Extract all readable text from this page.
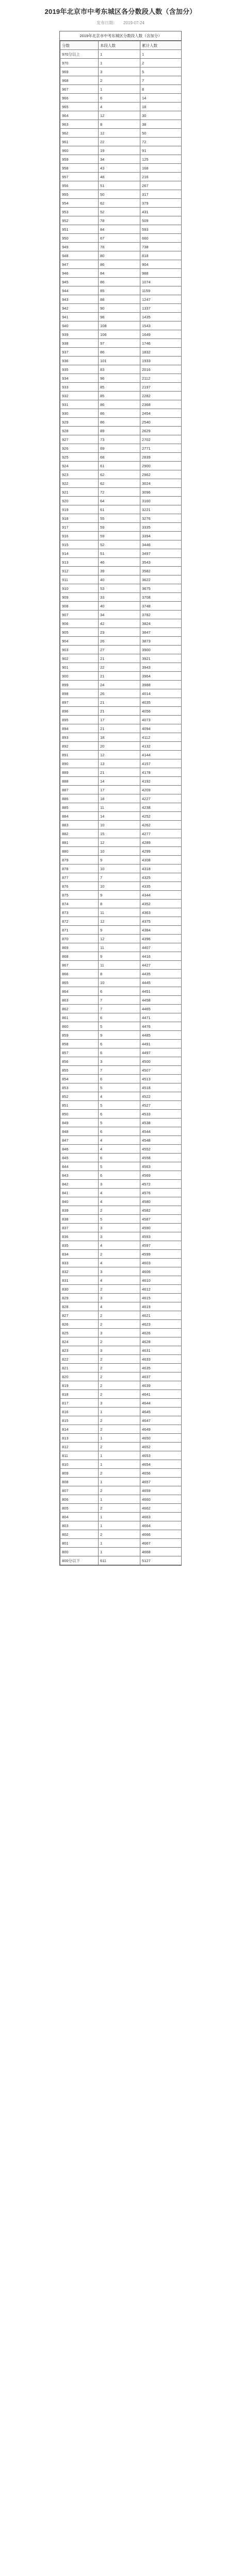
2019年北京市中考东城区各分数段人数（含加分）
发布日期： 2019-07-24
2019年北京市中考东城区分数段人数（含加分）
分数	本段人数	累计人数
970分以上	1	1
970	1	2
969	3	5
968	2	7
967	1	8
966	6	14
965	4	18
964	12	30
963	8	38
962	12	50
961	22	72
960	19	91
959	34	125
958	43	168
957	48	216
956	51	267
955	50	317
954	62	379
953	52	431
952	78	509
951	84	593
950	67	660
949	78	738
948	80	818
947	86	904
946	84	988
945	86	1074
944	85	1159
943	88	1247
942	90	1337
941	98	1435
940	108	1543
939	106	1649
938	97	1746
937	86	1832
936	101	1933
935	83	2016
934	96	2112
933	85	2197
932	85	2282
931	86	2368
930	86	2454
929	86	2540
928	89	2629
927	73	2702
926	69	2771
925	68	2839
924	61	2900
923	62	2962
922	62	3024
921	72	3096
920	64	3160
919	61	3221
918	55	3276
917	59	3335
916	59	3394
915	52	3446
914	51	3497
913	46	3543
912	39	3582
911	40	3622
910	53	3675
909	33	3708
908	40	3748
907	34	3782
906	42	3824
905	23	3847
904	26	3873
903	27	3900
902	21	3921
901	22	3943
900	21	3964
899	24	3988
898	26	4014
897	21	4035
896	21	4056
895	17	4073
894	21	4094
893	18	4112
892	20	4132
891	12	4144
890	13	4157
889	21	4178
888	14	4192
887	17	4209
886	18	4227
885	11	4238
884	14	4252
883	10	4262
882	15	4277
881	12	4289
880	10	4299
879	9	4308
878	10	4318
877	7	4325
876	10	4335
875	9	4344
874	8	4352
873	11	4363
872	12	4375
871	9	4384
870	12	4396
869	11	4407
868	9	4416
867	11	4427
866	8	4435
865	10	4445
864	6	4451
863	7	4458
862	7	4465
861	6	4471
860	5	4476
859	9	4485
858	6	4491
857	6	4497
856	3	4500
855	7	4507
854	6	4513
853	5	4518
852	4	4522
851	5	4527
850	6	4533
849	5	4538
848	6	4544
847	4	4548
846	4	4552
845	6	4558
844	5	4563
843	6	4569
842	3	4572
841	4	4576
840	4	4580
839	2	4582
838	5	4587
837	3	4590
836	3	4593
835	4	4597
834	2	4599
833	4	4603
832	3	4606
831	4	4610
830	2	4612
829	3	4615
828	4	4619
827	2	4621
826	2	4623
825	3	4626
824	2	4628
823	3	4631
822	2	4633
821	2	4635
820	2	4637
819	2	4639
818	2	4641
817	3	4644
816	1	4645
815	2	4647
814	2	4649
813	1	4650
812	2	4652
811	1	4653
810	1	4654
809	2	4656
808	1	4657
807	2	4659
806	1	4660
805	2	4662
804	1	4663
803	1	4664
802	2	4666
801	1	4667
800	1	4668
800分以下	611	5127
